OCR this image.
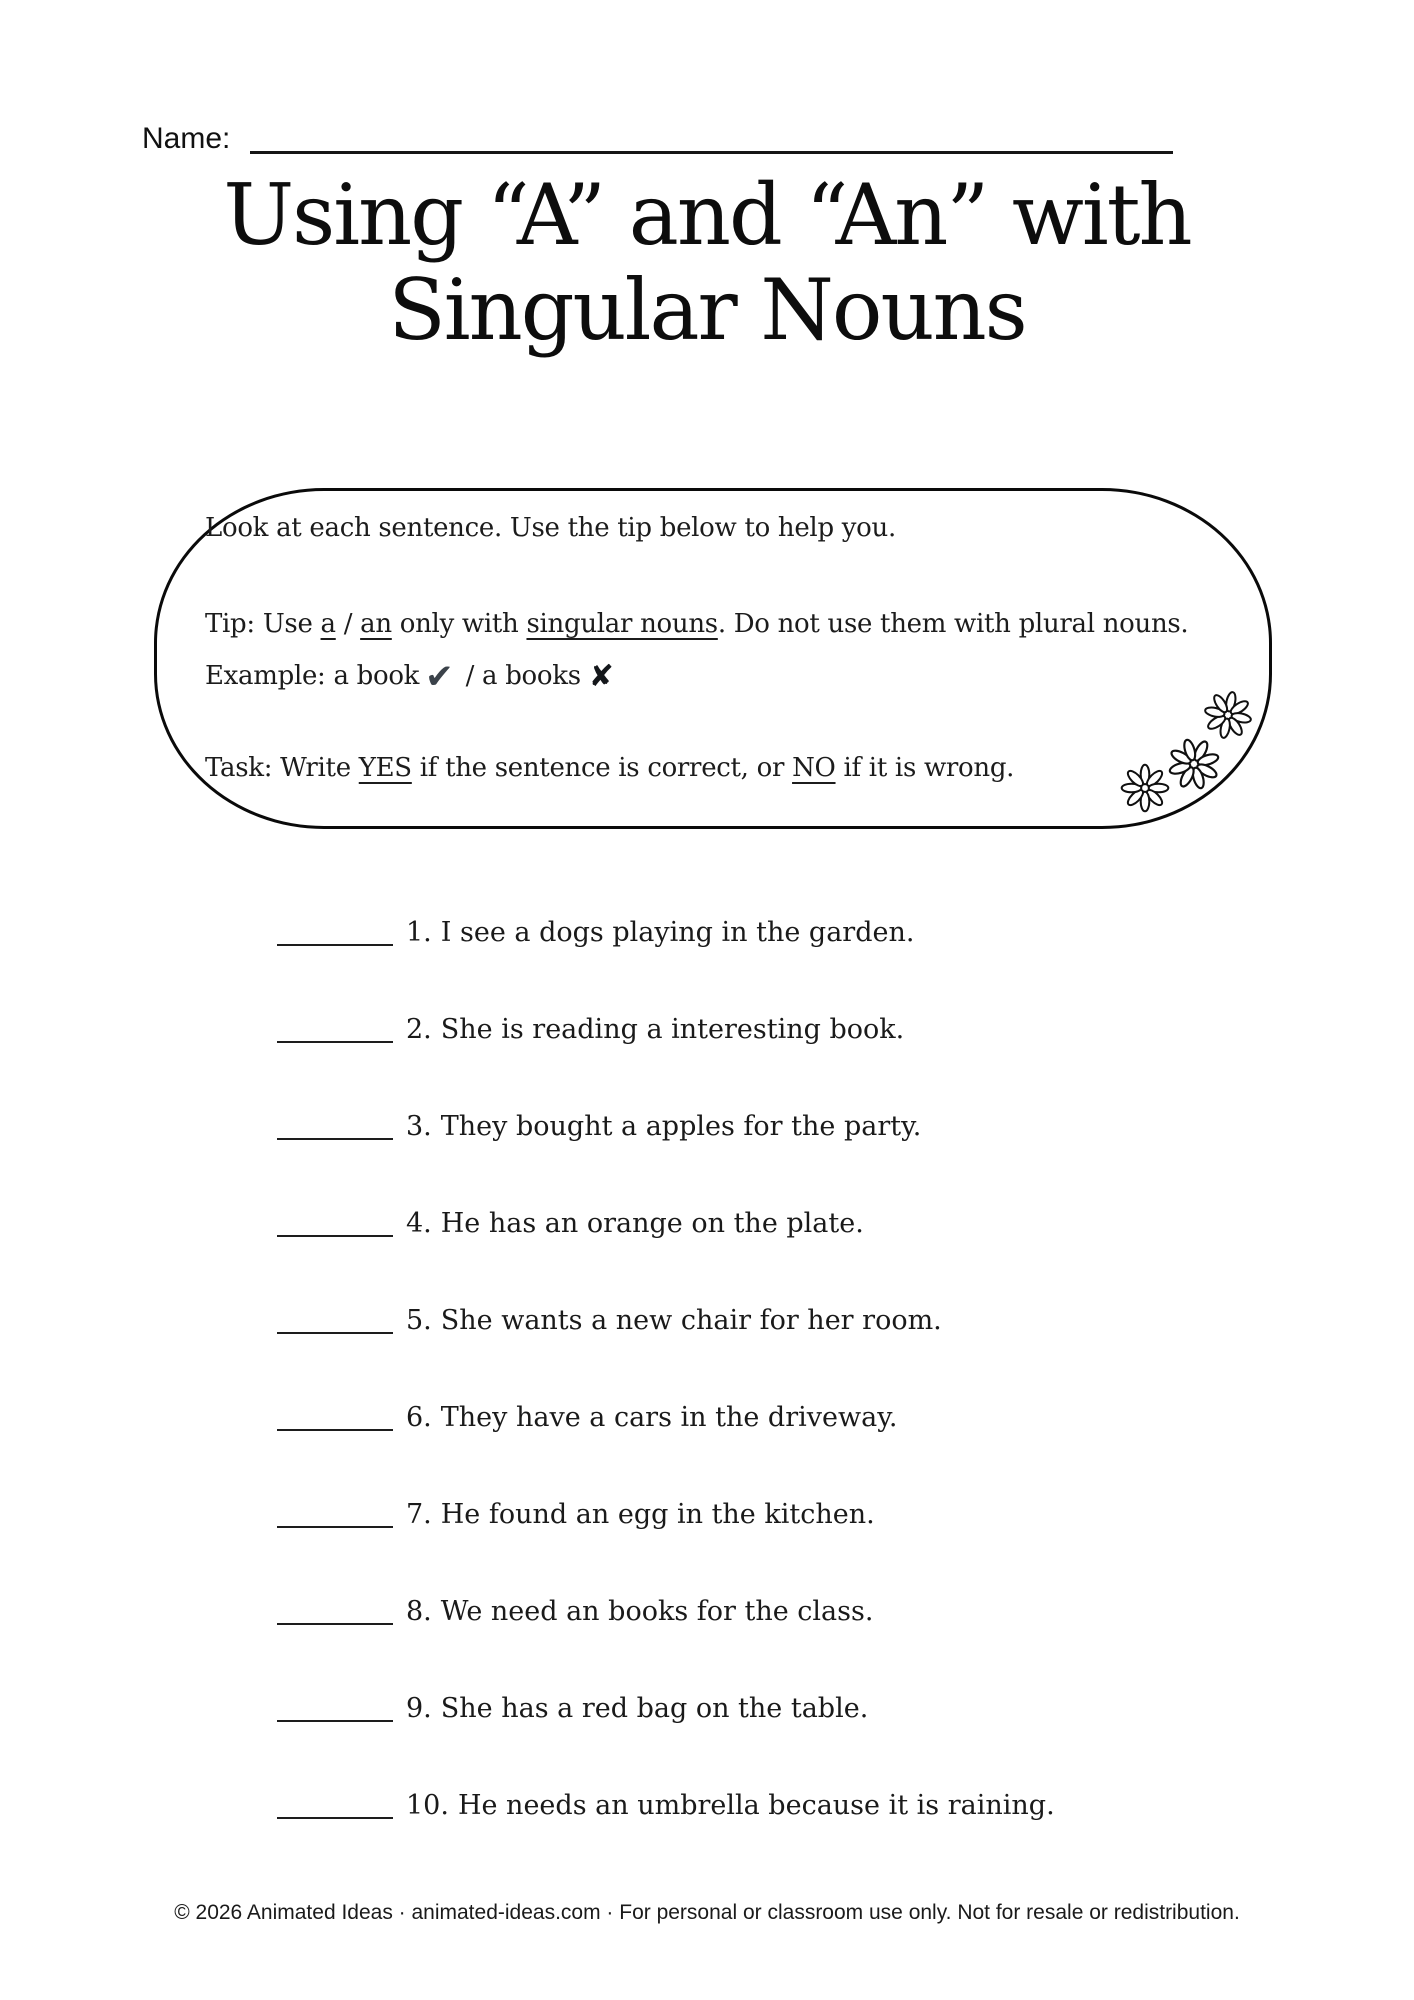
Name:
Using “A” and “An” with
Singular Nouns

Look at each sentence. Use the tip below to help you.

Tip: Use a / an only with singular nouns. Do not use them with plural nouns.

Example: a book ✔ / a books ✘

Task: Write YES if the sentence is correct, or NO if it is wrong.

1. I see a dogs playing in the garden.
2. She is reading a interesting book.
3. They bought a apples for the party.
4. He has an orange on the plate.
5. She wants a new chair for her room.
6. They have a cars in the driveway.
7. He found an egg in the kitchen.
8. We need an books for the class.
9. She has a red bag on the table.
10. He needs an umbrella because it is raining.
© 2026 Animated Ideas · animated-ideas.com · For personal or classroom use only. Not for resale or redistribution.
